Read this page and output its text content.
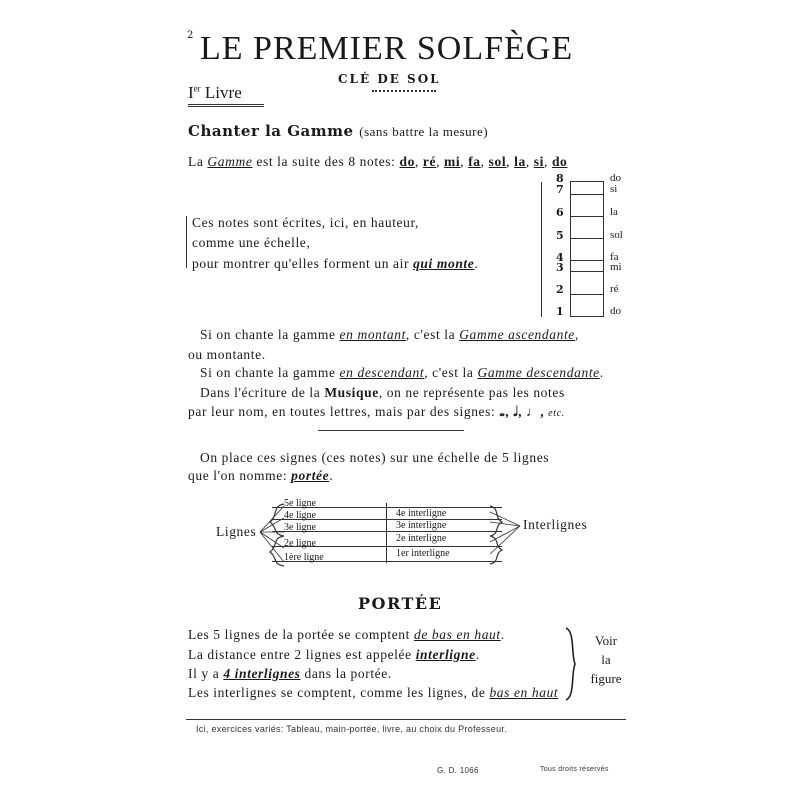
2 LE PREMIER SOLFÈGE
CLÉ DE SOL
Ier Livre
Chanter la Gamme (sans battre la mesure)
La Gamme est la suite des 8 notes: do, ré, mi, fa, sol, la, si, do
Ces notes sont écrites, ici, en hauteur,
comme une échelle,
pour montrer qu'elles forment un air qui monte.
8	do
7	si
6	la
5	sol
4	fa
3	mi
2	ré
1	do
Si on chante la gamme en montant, c'est la Gamme ascendante,
ou montante.
Si on chante la gamme en descendant, c'est la Gamme descendante.
Dans l'écriture de la Musique, on ne représente pas les notes
par leur nom, en toutes lettres, mais par des signes: 𝅝, 𝅗𝅥, ♩, etc.
On place ces signes (ces notes) sur une échelle de 5 lignes
que l'on nomme: portée.
Lignes
5e ligne
4e ligne
3e ligne
2e ligne
1ère ligne
4e interligne
3e interligne
2e interligne
1er interligne
Interlignes
PORTÉE
Les 5 lignes de la portée se comptent de bas en haut.
La distance entre 2 lignes est appelée interligne.
Il y a 4 interlignes dans la portée.
Les interlignes se comptent, comme les lignes, de bas en haut
Voir
la
figure
Ici, exercices variés: Tableau, main-portée, livre, au choix du Professeur.
G. D. 1066	Tous droits réservés
